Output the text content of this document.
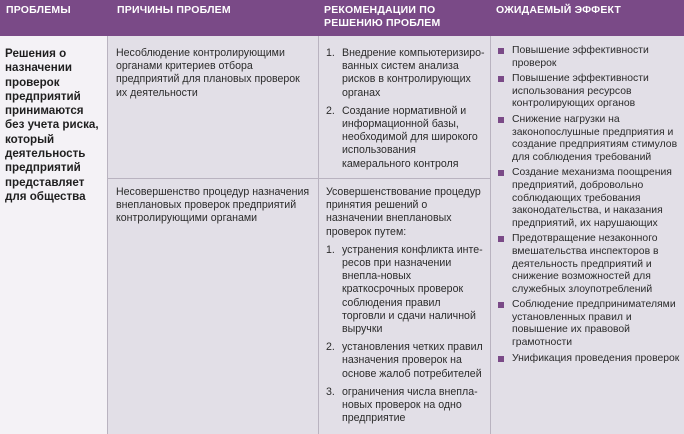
ПРОБЛЕМЫ	ПРИЧИНЫ ПРОБЛЕМ	РЕКОМЕНДАЦИИ ПО РЕШЕНИЮ ПРОБЛЕМ
ОЖИДАЕМЫЙ ЭФФЕКТ
Решения о назначении проверок предприятий принимаются без учета риска, который деятельность предприятий представляет для общества
Несоблюдение контролирующими органами критериев отбора предприятий для плановых проверок их деятельности
Несовершенство процедур назначения внеплановых проверок предприятий контролирующими органами
1. Внедрение компьютеризиро-ванных систем анализа рисков в контролирующих органах
2. Создание нормативной и информационной базы, необходимой для широкого использования камерального контроля
Усовершенствование процедур принятия решений о назначении внеплановых проверок путем:
1. устранения конфликта инте-ресов при назначении внепла-новых краткосрочных проверок соблюдения правил торговли и сдачи наличной выручки
2. установления четких правил назначения проверок на основе жалоб потребителей
3. ограничения числа внепла-новых проверок на одно предприятие
Повышение эффективности проверок
Повышение эффективности использования ресурсов контролирующих органов
Снижение нагрузки на законопослушные предприятия и создание предприятиям стимулов для соблюдения требований
Создание механизма поощрения предприятий, добровольно соблюдающих требования законодательства, и наказания предприятий, их нарушающих
Предотвращение незаконного вмешательства инспекторов в деятельность предприятий и снижение возможностей для служебных злоупотреблений
Соблюдение предпринимателями установленных правил и повышение их правовой грамотности
Унификация проведения проверок
